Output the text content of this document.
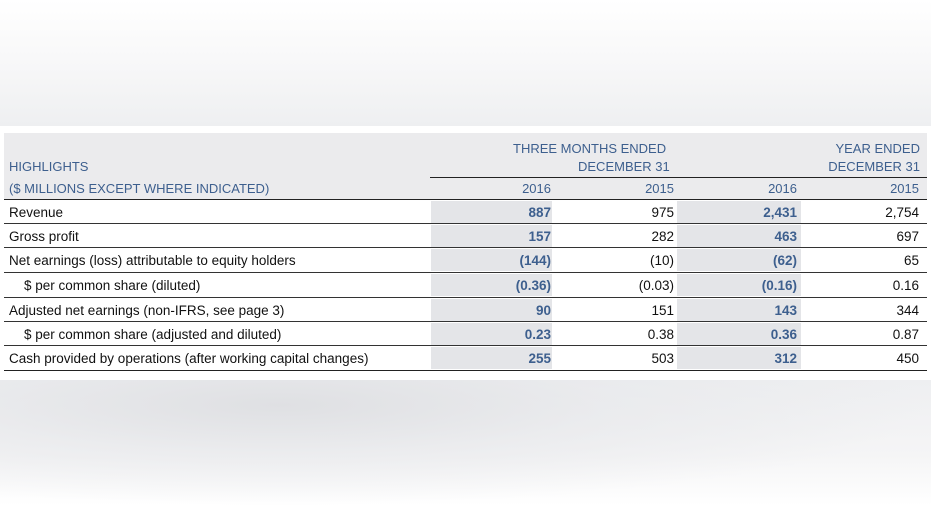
HIGHLIGHTS
($ MILLIONS EXCEPT WHERE INDICATED)
THREE MONTHS ENDED
DECEMBER 31
YEAR ENDED
DECEMBER 31
2016	2015	2016	2015
Revenue	887	975	2,431	2,754
Gross profit	157	282	463	697
Net earnings (loss) attributable to equity holders	(144)	(10)	(62)	65
$ per common share (diluted)	(0.36)	(0.03)	(0.16)	0.16
Adjusted net earnings (non-IFRS, see page 3)	90	151	143	344
$ per common share (adjusted and diluted)	0.23	0.38	0.36	0.87
Cash provided by operations (after working capital changes)	255	503	312	450
